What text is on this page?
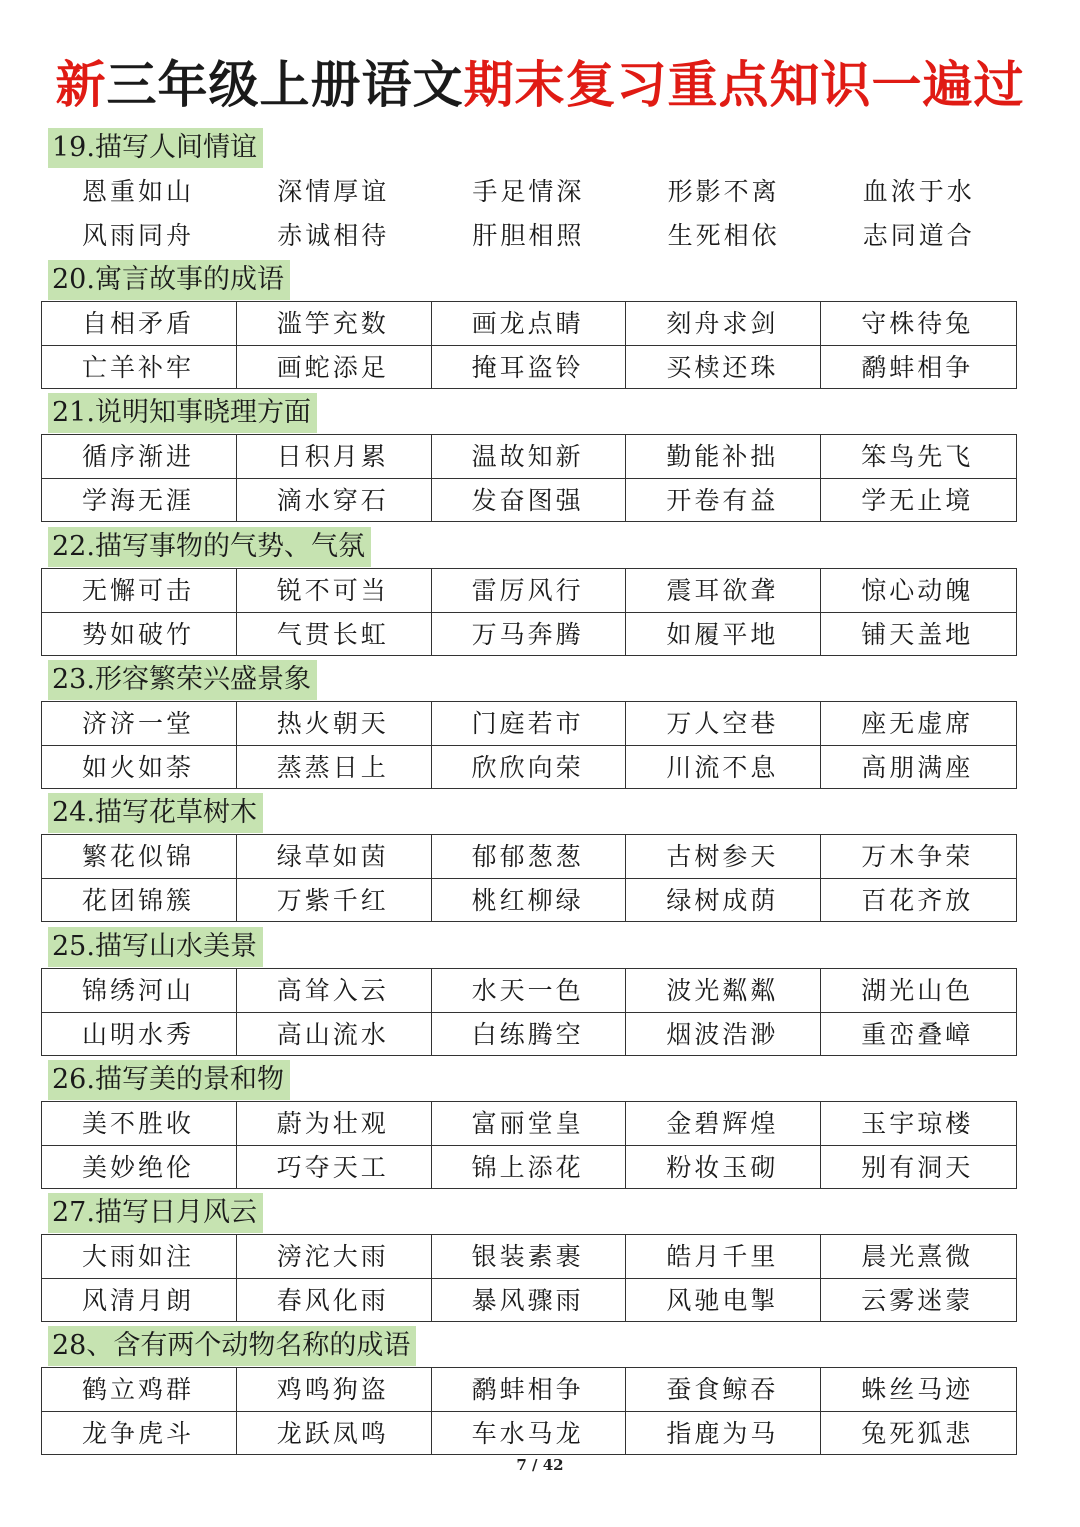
新三年级上册语文期末复习重点知识一遍过
19.描写人间情谊
恩重如山	深情厚谊	手足情深	形影不离	血浓于水
风雨同舟	赤诚相待	肝胆相照	生死相依	志同道合
20.寓言故事的成语
自相矛盾	滥竽充数	画龙点睛	刻舟求剑	守株待兔
亡羊补牢	画蛇添足	掩耳盗铃	买椟还珠	鹬蚌相争
21.说明知事晓理方面
循序渐进	日积月累	温故知新	勤能补拙	笨鸟先飞
学海无涯	滴水穿石	发奋图强	开卷有益	学无止境
22.描写事物的气势、气氛
无懈可击	锐不可当	雷厉风行	震耳欲聋	惊心动魄
势如破竹	气贯长虹	万马奔腾	如履平地	铺天盖地
23.形容繁荣兴盛景象
济济一堂	热火朝天	门庭若市	万人空巷	座无虚席
如火如荼	蒸蒸日上	欣欣向荣	川流不息	高朋满座
24.描写花草树木
繁花似锦	绿草如茵	郁郁葱葱	古树参天	万木争荣
花团锦簇	万紫千红	桃红柳绿	绿树成荫	百花齐放
25.描写山水美景
锦绣河山	高耸入云	水天一色	波光粼粼	湖光山色
山明水秀	高山流水	白练腾空	烟波浩渺	重峦叠嶂
26.描写美的景和物
美不胜收	蔚为壮观	富丽堂皇	金碧辉煌	玉宇琼楼
美妙绝伦	巧夺天工	锦上添花	粉妆玉砌	别有洞天
27.描写日月风云
大雨如注	滂沱大雨	银装素裹	皓月千里	晨光熹微
风清月朗	春风化雨	暴风骤雨	风驰电掣	云雾迷蒙
28、含有两个动物名称的成语
鹤立鸡群	鸡鸣狗盗	鹬蚌相争	蚕食鲸吞	蛛丝马迹
龙争虎斗	龙跃凤鸣	车水马龙	指鹿为马	兔死狐悲
7 / 42
